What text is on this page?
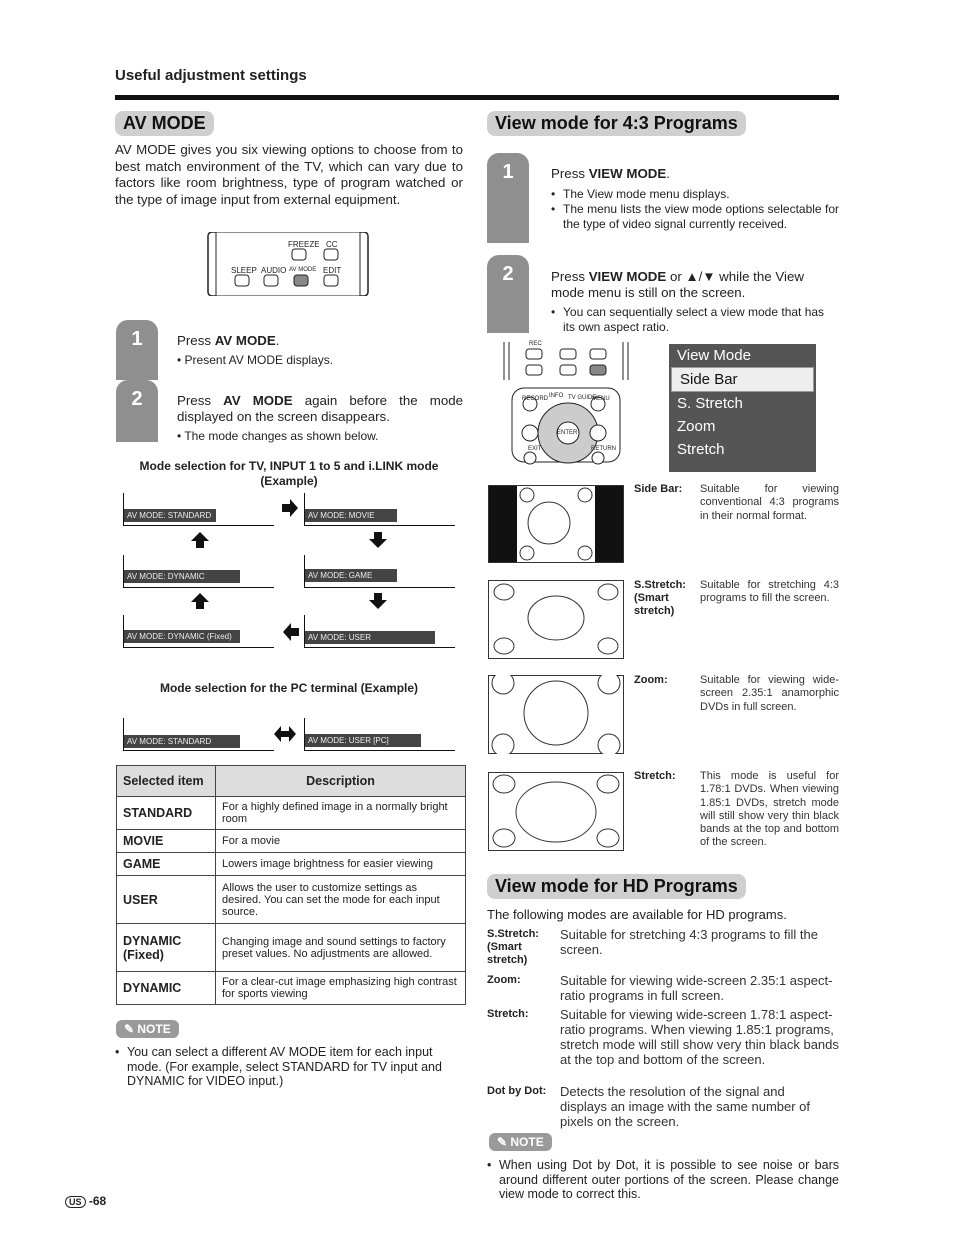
Useful adjustment settings
AV MODE
AV MODE gives you six viewing options to choose from to best match environment of the TV, which can vary due to factors like room brightness, type of program watched or the type of image input from external equipment.
FREEZE CC
SLEEP AUDIO AV MODE EDIT
1	Press AV MODE.
• Present AV MODE displays.
2	Press AV MODE again before the mode displayed on the screen disappears.
• The mode changes as shown below.
Mode selection for TV, INPUT 1 to 5 and i.LINK mode (Example)
AV MODE: STANDARD	AV MODE: MOVIE
AV MODE: DYNAMIC	AV MODE: GAME
AV MODE: DYNAMIC (Fixed)	AV MODE: USER
Mode selection for the PC terminal (Example)
AV MODE: STANDARD	AV MODE: USER [PC]
Selected item	Description
STANDARD	For a highly defined image in a normally bright room
MOVIE	For a movie
GAME	Lowers image brightness for easier viewing
USER	Allows the user to customize settings as desired. You can set the mode for each input source.
DYNAMIC (Fixed)	Changing image and sound settings to factory preset values. No adjustments are allowed.
DYNAMIC	For a clear-cut image emphasizing high contrast for sports viewing
✎ NOTE
• You can select a different AV MODE item for each input mode. (For example, select STANDARD for TV input and DYNAMIC for VIDEO input.)
US -68
View mode for 4:3 Programs
1	Press VIEW MODE.
• The View mode menu displays.
• The menu lists the view mode options selectable for the type of video signal currently received.
2	Press VIEW MODE or ▲/▼ while the View mode menu is still on the screen.
• You can sequentially select a view mode that has its own aspect ratio.
REC
RECORD INFO TV GUIDE
MENU
ENTER
EXIT	RETURN
View Mode
Side Bar
S. Stretch
Zoom
Stretch
Side Bar:	Suitable for viewing conventional 4:3 programs in their normal format.
S.Stretch: (Smart stretch)
Suitable for stretching 4:3 programs to fill the screen.
Zoom:	Suitable for viewing wide-screen 2.35:1 anamorphic DVDs in full screen.
Stretch:	This mode is useful for 1.78:1 DVDs. When viewing 1.85:1 DVDs, stretch mode will still show very thin black bands at the top and bottom of the screen.
View mode for HD Programs
The following modes are available for HD programs.
S.Stretch: (Smart stretch)
Suitable for stretching 4:3 programs to fill the screen.
Zoom:	Suitable for viewing wide-screen 2.35:1 aspect-ratio programs in full screen.
Stretch:	Suitable for viewing wide-screen 1.78:1 aspect-ratio programs. When viewing 1.85:1 programs, stretch mode will still show very thin black bands at the top and bottom of the screen.
Dot by Dot:	Detects the resolution of the signal and displays an image with the same number of pixels on the screen.
✎ NOTE
• When using Dot by Dot, it is possible to see noise or bars around different outer portions of the screen. Please change view mode to correct this.
